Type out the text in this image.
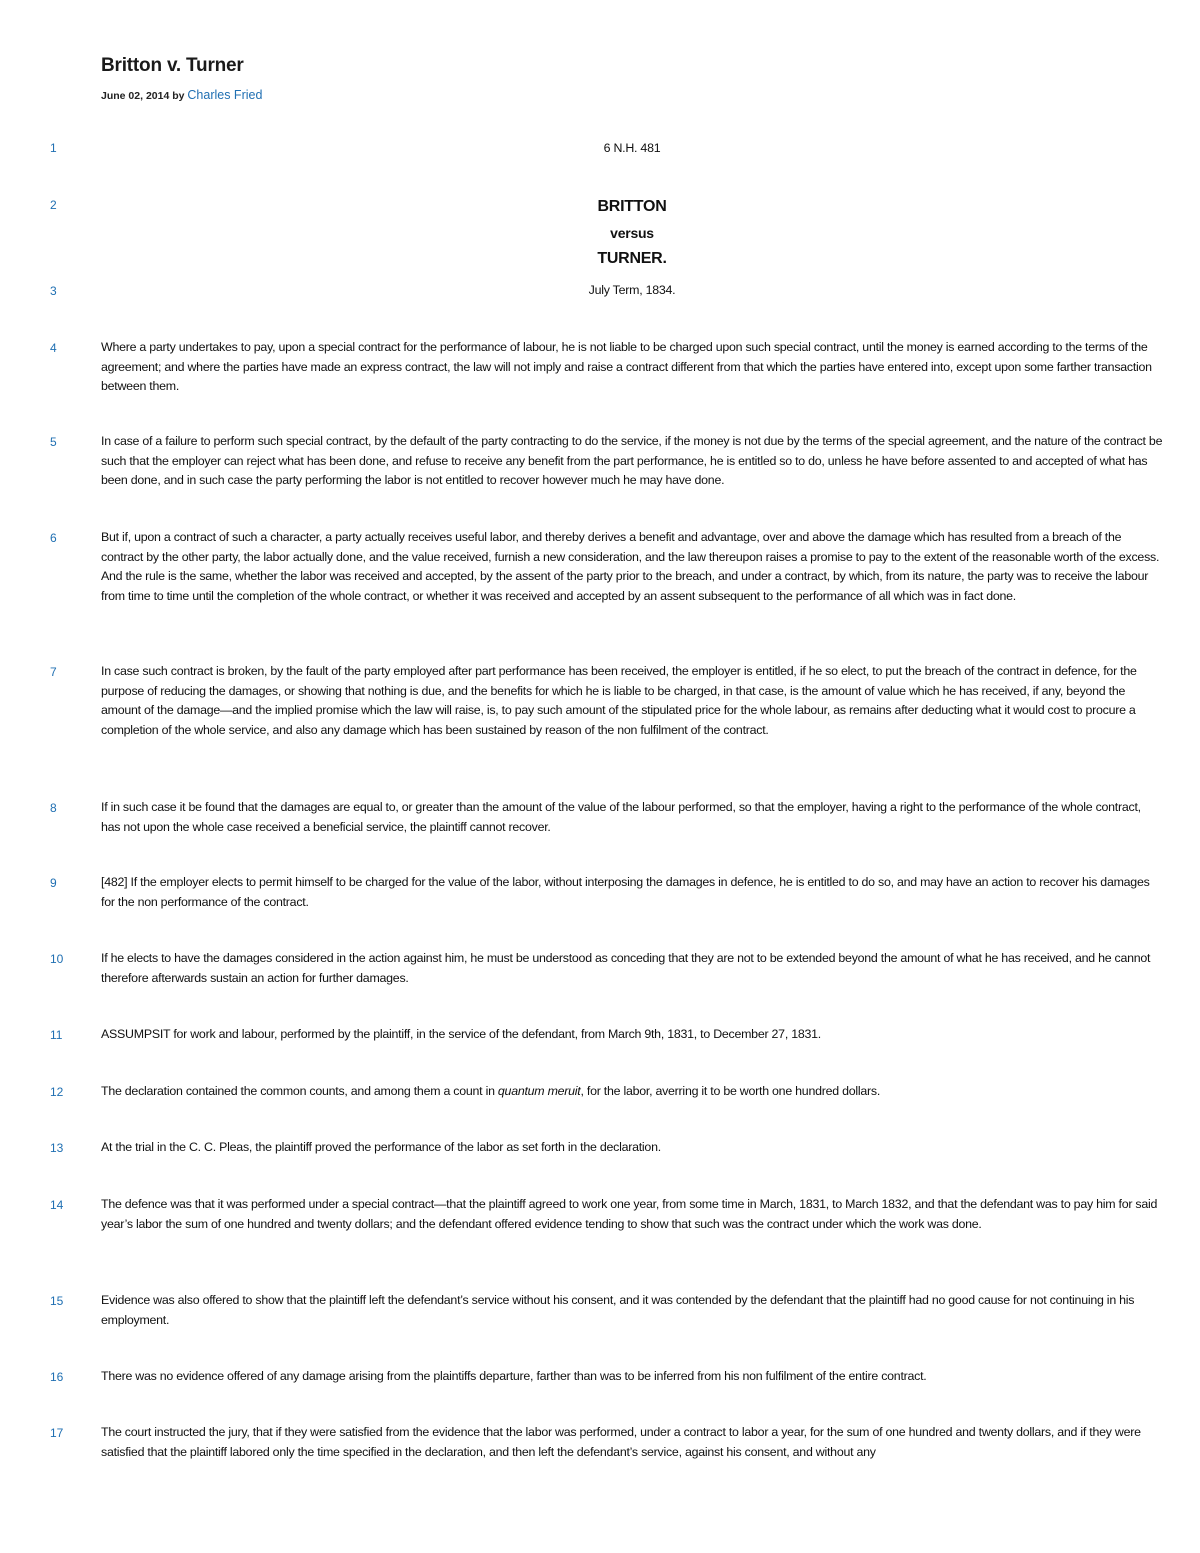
Britton v. Turner
June 02, 2014 by Charles Fried
1	6 N.H. 481
2	BRITTON
versus
TURNER.
3	July Term, 1834.
4	Where a party undertakes to pay, upon a special contract for the performance of labour, he is not liable to be charged upon such special contract, until the money is earned according to the terms of the agreement; and where the parties have made an express contract, the law will not imply and raise a contract different from that which the parties have entered into, except upon some farther transaction between them.
5	In case of a failure to perform such special contract, by the default of the party contracting to do the service, if the money is not due by the terms of the special agreement, and the nature of the contract be such that the employer can reject what has been done, and refuse to receive any benefit from the part performance, he is entitled so to do, unless he have before assented to and accepted of what has been done, and in such case the party performing the labor is not entitled to recover however much he may have done.
6	But if, upon a contract of such a character, a party actually receives useful labor, and thereby derives a benefit and advantage, over and above the damage which has resulted from a breach of the contract by the other party, the labor actually done, and the value received, furnish a new consideration, and the law thereupon raises a promise to pay to the extent of the reasonable worth of the excess. And the rule is the same, whether the labor was received and accepted, by the assent of the party prior to the breach, and under a contract, by which, from its nature, the party was to receive the labour from time to time until the completion of the whole contract, or whether it was received and accepted by an assent subsequent to the performance of all which was in fact done.
7	In case such contract is broken, by the fault of the party employed after part performance has been received, the employer is entitled, if he so elect, to put the breach of the contract in defence, for the purpose of reducing the damages, or showing that nothing is due, and the benefits for which he is liable to be charged, in that case, is the amount of value which he has received, if any, beyond the amount of the damage—and the implied promise which the law will raise, is, to pay such amount of the stipulated price for the whole labour, as remains after deducting what it would cost to procure a completion of the whole service, and also any damage which has been sustained by reason of the non fulfilment of the contract.
8	If in such case it be found that the damages are equal to, or greater than the amount of the value of the labour performed, so that the employer, having a right to the performance of the whole contract, has not upon the whole case received a beneficial service, the plaintiff cannot recover.
9	[482] If the employer elects to permit himself to be charged for the value of the labor, without interposing the damages in defence, he is entitled to do so, and may have an action to recover his damages for the non performance of the contract.
10	If he elects to have the damages considered in the action against him, he must be understood as conceding that they are not to be extended beyond the amount of what he has received, and he cannot therefore afterwards sustain an action for further damages.
11	ASSUMPSIT for work and labour, performed by the plaintiff, in the service of the defendant, from March 9th, 1831, to December 27, 1831.
12	The declaration contained the common counts, and among them a count in quantum meruit, for the labor, averring it to be worth one hundred dollars.
13	At the trial in the C. C. Pleas, the plaintiff proved the performance of the labor as set forth in the declaration.
14	The defence was that it was performed under a special contract—that the plaintiff agreed to work one year, from some time in March, 1831, to March 1832, and that the defendant was to pay him for said year’s labor the sum of one hundred and twenty dollars; and the defendant offered evidence tending to show that such was the contract under which the work was done.
15	Evidence was also offered to show that the plaintiff left the defendant’s service without his consent, and it was contended by the defendant that the plaintiff had no good cause for not continuing in his employment.
16	There was no evidence offered of any damage arising from the plaintiffs departure, farther than was to be inferred from his non fulfilment of the entire contract.
17	The court instructed the jury, that if they were satisfied from the evidence that the labor was performed, under a contract to labor a year, for the sum of one hundred and twenty dollars, and if they were satisfied that the plaintiff labored only the time specified in the declaration, and then left the defendant’s service, against his consent, and without any
